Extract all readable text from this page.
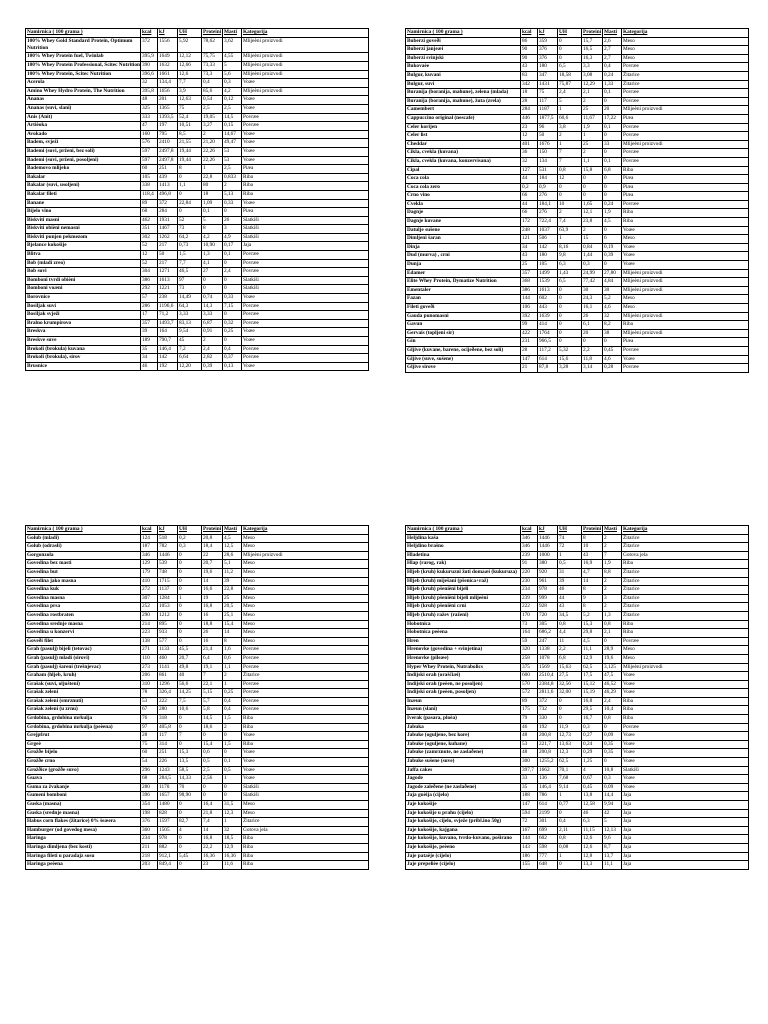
Namirnica ( 100 grama )	kcal	kJ	UH	Proteini	Masti	Kategorija
100% Whey Gold Standard Protein, Optimum Nutrition	372	1556	5,92	78,62	3,62	Mlijeèni proizvodi
100% Whey Protein fuel, Twinlab	395,9	1649	12,12	75,75	4,55	Mlijeèni proizvodi
100% Whey Protein Professional, Scitec Nutrition	390	1632	12,66	73,33	5	Mlijeèni proizvodi
100% Whey Protein, Scitec Nutrition	396,6	1661	12,6	73,3	5,6	Mlijeèni proizvodi
Acerola	32	134,4	7,7	0,4	0,3	Voæe
Amino Whey Hydro Protein, The Nutrition	395,8	1656	3,9	85,6	4,2	Mlijeèni proizvodi
Ananas	48	201	12,63	0,54	0,12	Voæe
Ananas (suvi, slani)	325	1365	75	2,5	2,5	Voæe
Anis (Anit)	333	1393,5	52,4	19,05	14,5	Povræe
Artièoka	47	197	10,51	3,27	0,15	Povræe
Avokado	160	795	8,5	2	14,67	Voæe
Badem, svježi	576	2410	21,55	21,20	49,47	Voæe
Bademi (suvi, prženi, bez soli)	597	2497,8	19,44	22,26	53	Voæe
Bademi (suvi, prženi, posoljeni)	597	2497,8	19,44	22,26	53	Voæe
Bademovo mlijeko	60	251	8	1	2,5	Piæa
Bakalar	105	439	0	22,8	0,833	Riba
Bakalar (suvi, usoljeni)	338	1413	1,1	80	2	Riba
Bakalar fileti	118,4	496,8	0	18	5,13	Riba
Banane	89	372	22,84	1,09	0,33	Voæe
Bijelo vino	68	284	0	0,1	0	Piæa
Biskviti masni	462	1931	52	5	26	Slatkiši
Biskviti obièni nemasni	351	1467	73	8	3	Slatkiši
Biskviti punjen pekmezom	302	1262	64,2	4,2	4,9	Slatkiši
Bjelance kokošije	52	217	0,73	10,90	0,17	Jaja
Blitva	12	50	1,5	1,3	0,1	Povræe
Bob (mladi zreo)	52	217	7,7	4,1	0	Povræe
Bob suvi	304	1271	46,5	27	2,4	Povræe
Bomboni tvrdi obièni	386	1613	97	0	0	Slatkiši
Bomboni voæni	292	1221	73	0	0	Slatkiši
Borovnice	57	238	14,49	0,74	0,33	Voæe
Bosiljak suvi	286	1196,6	64,3	14,3	7,15	Povræe
Bosiljak svježi	17	71,2	3,33	3,33	0	Povræe
Bralno krumpirovo	357	1493,7	83,13	6,87	0,32	Povræe
Breskva	39	164	9,54	0,91	0,25	Voæe
Breskve suve	189	790,7	45	2	0	Voæe
Brokoli (brokula) kuvana	35	146,4	7,2	2,4	0,4	Povræe
Brokoli (brokula), sirov	34	142	6,64	2,82	0,37	Povræe
Brusnice	46	192	12,20	0,39	0,13	Voæe
Namirnica ( 100 grama )	kcal	kJ	UH	Proteini	Masti	Kategorija
Buberzi goveði	86	359	0	15,7	2,6	Meso
Buberzi janjeæi	90	376	0	16,5	2,7	Meso
Buberzi svinjski	90	376	0	16,3	2,7	Meso
Bukovaèe	43	180	6,5	3,3	0,4	Povræe
Bulgur, kuvani	83	347	18,58	3,08	0,24	Žitarice
Bulgur, suvi	342	1431	75,87	12,29	1,33	Žitarice
Buranija (boranija, mahune), zelena (mlada)	18	75	2,4	2,1	0,1	Povræe
Buranija (boranija, mahune), žuta (zrela)	28	117	5	2	0	Povræe
Camembert	284	1187	1	25	20	Mlijeèni proizvodi
Cappuccino original (nescafe)	446	1877,5	60,6	11,67	17,22	Piæa
Celer korijen	23	96	3,8	1,9	0,1	Povræe
Celer list	12	50	2	1	0	Povræe
Cheddar	401	1676	1	25	33	Mlijeèni proizvodi
Cikla, cvekla (kuvana)	36	150	7	2	0	Povræe
Cikla, cvekla (kuvana, konzervisana)	32	134	7	1,1	0,1	Povræe
Cipal	127	531	0,8	15,8	6,8	Riba
Coca cola	44	184	12	0	0	Piæa
Coca cola zero	0,2	0,9	0	0	0	Piæa
Crno vino	66	276	0	0	0	Piæa
Cvekla	44	184,1	10	1,65	0,24	Povræe
Dagnje	66	276	2	12,1	1,9	Riba
Dagnje kuvane	172	722,4	7,4	23,8	4,5	Riba
Datulje sušene	248	1037	63,9	2	0	Voæe
Dimljeni šaran	121	506	1	15	6	Meso
Dinja	34	142	8,16	0,84	0,19	Voæe
Dud (murva) , crni	43	180	9,8	1,44	0,39	Voæe
Dunja	25	105	6,3	0,3	0	Voæe
Edamer	357	1499	1,43	24,99	27,80	Mlijeèni proizvodi
Elite Whey Protein, Dymatize Nutrition	368	1539	6,5	77,42	4,84	Mlijeèni proizvodi
Ementaler	386	1613	0	30	30	Mlijeèni proizvodi
Fazan	144	602	0	24,3	5,2	Meso
Fileti goveði	106	443	0	16,1	4,6	Meso
Gauda punomasni	392	1639	0	26	32	Mlijeèni proizvodi
Gavun	99	414	0	6,1	8,2	Riba
Gervais (topljeni sir)	422	1764	0	20	38	Mlijeèni proizvodi
Gin	231	966,5	0	0	0	Piæa
Gljive (kuvane, barene, ocijeðene, bez soli)	28	117,2	5,32	2,2	0,45	Povræe
Gljive (suve, sušene)	147	614	15,6	11,8	4,6	Voæe
Gljive sirove	21	87,8	3,28	3,14	0,28	Povræe
Namirnica ( 100 grama )	kcal	kJ	UH	Proteini	Masti	Kategorija
Golub (mladi)	124	518	0,2	20,8	4,5	Meso
Golub (odrasli)	187	782	0,3	18,4	12,5	Meso
Gorgonzola	346	1446	0	22	28,6	Mlijeèni proizvodi
Govedina bez masti	129	539	0	20,7	5,1	Meso
Govedina but	179	748	0	19,6	11,2	Meso
Govedina jako masna	410	1715	0	14	39	Meso
Govedina kuk	272	1137	0	16,6	22,8	Meso
Govedina masna	307	1284	1	19	25	Meso
Govedina prsa	252	1053	0	16,8	20,5	Meso
Govedina rostbraten	290	1212	0	16	25,1	Meso
Govedina srednje masna	214	895	0	18,8	15,4	Meso
Govedina u konzervi	223	933	0	26	14	Meso
Goveði filet	138	577	0	16	8	Meso
Grah (pasulj) bijeli (tetovac)	271	1133	45,5	21,4	1,6	Povræe
Grah (pasulj) mladi (sirovi)	110	460	20,7	6,4	0,6	Povræe
Grah (pasulj) šareni (trešnjevac)	273	1141	49,8	19,1	1,1	Povræe
Graham (hljeb, kruh)	206	861	40	7	2	Žitarice
Grašak (suvi, oljušteni)	310	1296	56,6	22,1	1	Povræe
Grašak zeleni	78	326,4	14,25	5,15	0,25	Povræe
Grašak zeleni (smrznuti)	53	222	7,5	5,7	0,4	Povræe
Grašak zeleni (u zrnu)	67	280	10,6	5,8	0,4	Povræe
Grdobina, grdobina mrkulja	76	318	0	14,5	1,5	Riba
Grdobina, grdobina mrkulja (peèena)	97	405,8	0	18,6	2	Riba
Grejpfrut	28	117	7	0	0	Voæe
Grgeè	75	314	0	15,4	1,5	Riba
Grožðe bijelo	60	251	15,3	0,6	0	Voæe
Grožðe crno	54	226	13,5	0,5	0,1	Voæe
Grožðice (grožðe suvo)	296	1243	58,5	2,5	0,5	Voæe
Guava	68	284,5	14,33	2,56	1	Voæe
Guma za žvakanje	280	1170	70	0	0	Slatkiši
Gumeni bomboni	396	1657	98,90	0	0	Slatkiši
Guska (masna)	354	1480	0	16,4	31,5	Meso
Guska (srednje masna)	198	828	0	21,8	12,3	Meso
Habus corn flakes (žitarice) 0% šeæera	376	1597	82,7	7,4	1	Žitarice
Hamburger (od govedog mesa)	360	1505	4	14	32	Gotova jela
Haringa	234	978	0	16,8	18,5	Riba
Haringa dimljena (bez kosti)	211	882	0	22,2	12,9	Riba
Haringa fileti u paradajz sosu	218	912,1	5,45	16,36	16,36	Riba
Haringa peèena	203	849,4	0	23	11,6	Riba
Namirnica ( 100 grama )	kcal	kJ	UH	Proteini	Masti	Kategorija
Heljdina kaša	346	1446	74	8	2	Žitarice
Heljdino brašno	346	1446	72	10	2	Žitarice
Hladetina	239	1000	1	43	7	Gotova jela
Hlap (rarog, rak)	91	380	0,5	16,9	1,9	Riba
Hljeb (kruh) kukuruzni žuti domaæi (kukuruza)	220	920	31	4,7	8,8	Žitarice
Hljeb (kruh) miješani (pšenica+raž)	230	961	39	14	2	Žitarice
Hljeb (kruh) pšenièni bijeli	234	978	46	8	2	Žitarice
Hljeb (kruh) pšenièni bijeli mlijeèni	239	999	44	9	3	Žitarice
Hljeb (kruh) pšenièni crni	222	928	43	8	2	Žitarice
Hljeb (kruh) ražev (raženi)	170	720	34,5	5,2	1,3	Žitarice
Hobotnica	73	305	0,8	15,3	0,8	Riba
Hobotnica peèena	164	686,2	4,4	29,8	2,1	Riba
Hren	59	247	11	4,5	0	Povræe
Hrenovke (govedina + svinjetina)	320	1338	2,2	11,1	28,9	Meso
Hrenovke (pileæe)	258	1078	6,8	12,9	19,6	Meso
Hyper Whey Protein, Nutrabolics	375	1569	15,63	62,5	3,125	Mlijeèni proizvodi
Indijski orah (oraščiæi)	600	2510,4	27,5	17,5	47,5	Voæe
Indijski orah (peèen, ne posoljen)	570	2384,8	32,56	15,12	46,52	Voæe
Indijski orah (peèen, posoljen)	572	2811,6	32,00	15,19	46,29	Voæe
Inæun	89	372	0	16,8	2,4	Riba
Inæun (slani)	175	732	0	29,5	10,4	Riba
Iverak (pasara, ploèa)	79	330	0	16,7	0,8	Riba
Jabuka	46	192	11,9	0,3	0	Povræe
Jabuke (oguljene, bez kore)	48	200,8	12,73	0,27	0,09	Voæe
Jabuke (oguljene, kuhane)	53	221,7	13,63	0,24	0,35	Voæe
Jabuke (zamrznute, ne zaslaðene)	48	200,8	12,3	0,29	0,35	Voæe
Jabuke sušene (suve)	300	1255,2	62,5	1,25	0	Voæe
Jaffa cakes	397,7	1662	70,1	4	10,8	Slatkiši
Jagode	33	136	7,68	0,67	0,3	Voæe
Jagode zaleðene (ne zaslaðene)	35	146,4	9,14	0,45	0,09	Voæe
Jaja guèija (cijelo)	188	786	1	13,8	14,4	Jaja
Jaje kokošije	147	614	0,77	12,58	9,94	Jaja
Jaje kokošije u prahu (cijelo)	594	2199	0	46	42	Jaja
Jaje kokošije, cijelo, svježe (pribl.ino 50g)	72	301	0,4	6,3	5	Jaja
Jaje kokošije, kajgana	167	699	2,11	11,15	12,13	Jaja
Jaje kokošije, kuvano, tvrdo-kuvano, poširano	144	602	0,8	12,6	9,6	Jaja
Jaje kokošije, peèeno	143	598	0,08	12,6	8,7	Jaja
Jaje pataèje (cijelo)	186	777	1	12,8	13,7	Jaja
Jaje prepelièe (cijelo)	155	648	0	13,3	11,1	Jaja
